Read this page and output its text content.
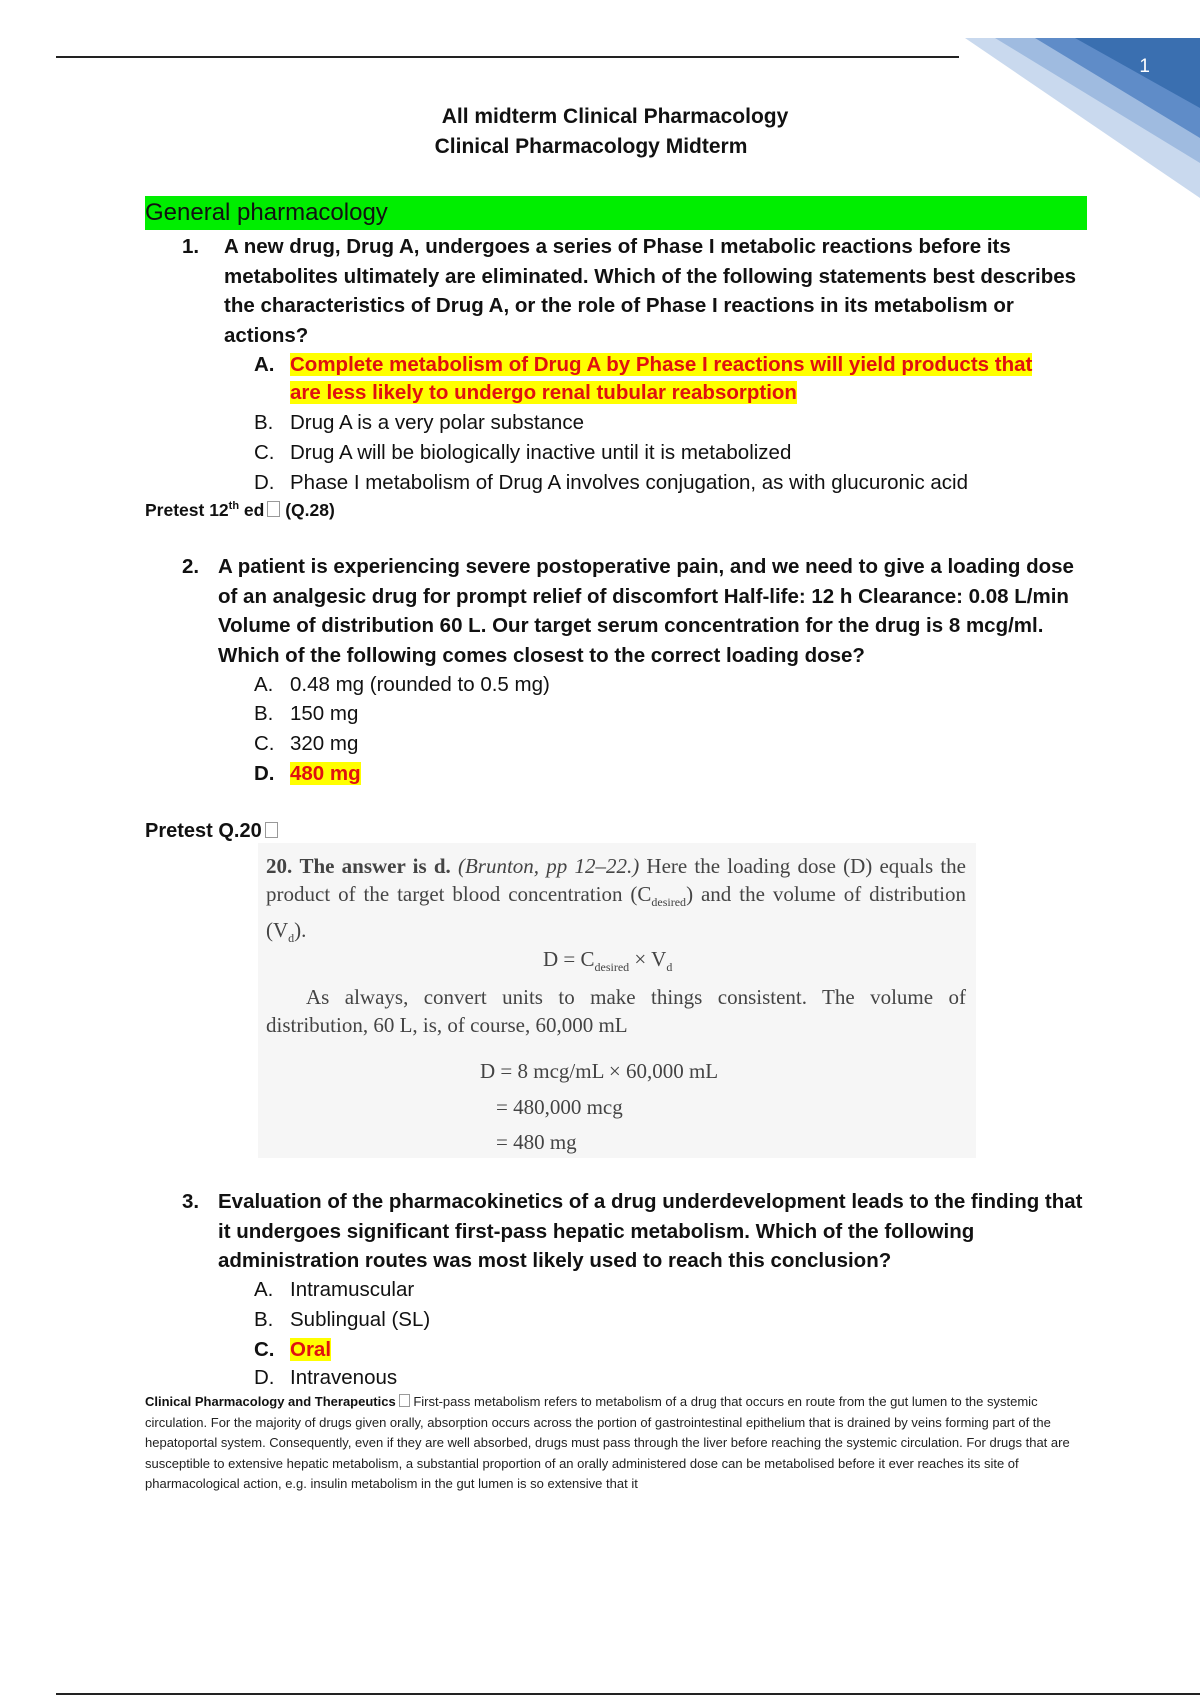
1
All midterm Clinical Pharmacology
Clinical Pharmacology Midterm
General pharmacology
1. A new drug, Drug A, undergoes a series of Phase I metabolic reactions before its metabolites ultimately are eliminated. Which of the following statements best describes the characteristics of Drug A, or the role of Phase I reactions in its metabolism or actions?
A. Complete metabolism of Drug A by Phase I reactions will yield products that are less likely to undergo renal tubular reabsorption
B. Drug A is a very polar substance
C. Drug A will be biologically inactive until it is metabolized
D. Phase I metabolism of Drug A involves conjugation, as with glucuronic acid
Pretest 12th ed (Q.28)
2. A patient is experiencing severe postoperative pain, and we need to give a loading dose of an analgesic drug for prompt relief of discomfort Half-life: 12 h Clearance: 0.08 L/min Volume of distribution 60 L. Our target serum concentration for the drug is 8 mcg/ml. Which of the following comes closest to the correct loading dose?
A. 0.48 mg (rounded to 0.5 mg)
B. 150 mg
C. 320 mg
D. 480 mg
Pretest Q.20
20. The answer is d. (Brunton, pp 12–22.) Here the loading dose (D) equals the product of the target blood concentration $(C_{desired})$ and the volume of distribution $(V_d)$.
$D = C_{desired} \times V_d$
As always, convert units to make things consistent. The volume of distribution, 60 L, is, of course, 60,000 mL
D = 8 mcg/mL × 60,000 mL
= 480,000 mcg
= 480 mg
3. Evaluation of the pharmacokinetics of a drug underdevelopment leads to the finding that it undergoes significant first-pass hepatic metabolism. Which of the following administration routes was most likely used to reach this conclusion?
A. Intramuscular
B. Sublingual (SL)
C. Oral
D. Intravenous
Clinical Pharmacology and Therapeutics First-pass metabolism refers to metabolism of a drug that occurs en route from the gut lumen to the systemic circulation. For the majority of drugs given orally, absorption occurs across the portion of gastrointestinal epithelium that is drained by veins forming part of the hepatoportal system. Consequently, even if they are well absorbed, drugs must pass through the liver before reaching the systemic circulation. For drugs that are susceptible to extensive hepatic metabolism, a substantial proportion of an orally administered dose can be metabolised before it ever reaches its site of pharmacological action, e.g. insulin metabolism in the gut lumen is so extensive that it
